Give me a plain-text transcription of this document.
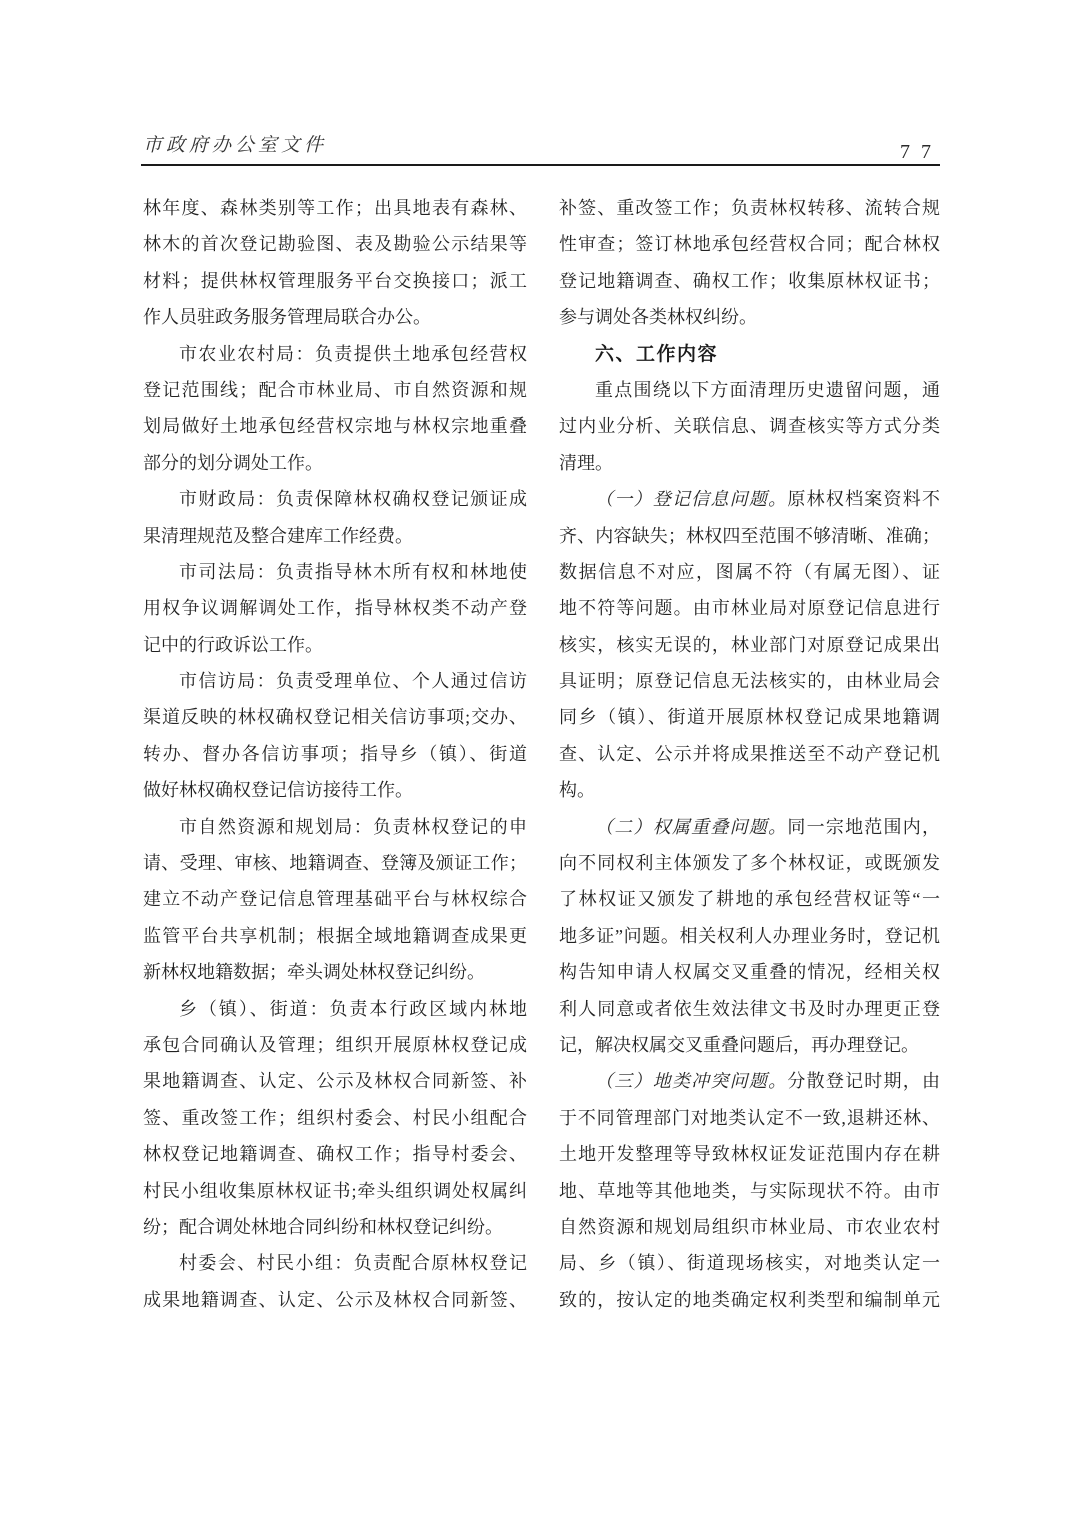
市政府办公室文件	7 7
林年度、森林类别等工作；出具地表有森林、
林木的首次登记勘验图、表及勘验公示结果等
材料；提供林权管理服务平台交换接口；派工
作人员驻政务服务管理局联合办公。
市农业农村局：负责提供土地承包经营权
登记范围线；配合市林业局、市自然资源和规
划局做好土地承包经营权宗地与林权宗地重叠
部分的划分调处工作。
市财政局：负责保障林权确权登记颁证成
果清理规范及整合建库工作经费。
市司法局：负责指导林木所有权和林地使
用权争议调解调处工作，指导林权类不动产登
记中的行政诉讼工作。
市信访局：负责受理单位、个人通过信访
渠道反映的林权确权登记相关信访事项;交办、
转办、督办各信访事项；指导乡（镇）、街道
做好林权确权登记信访接待工作。
市自然资源和规划局：负责林权登记的申
请、受理、审核、地籍调查、登簿及颁证工作；
建立不动产登记信息管理基础平台与林权综合
监管平台共享机制；根据全域地籍调查成果更
新林权地籍数据；牵头调处林权登记纠纷。
乡（镇）、街道：负责本行政区域内林地
承包合同确认及管理；组织开展原林权登记成
果地籍调查、认定、公示及林权合同新签、补
签、重改签工作；组织村委会、村民小组配合
林权登记地籍调查、确权工作；指导村委会、
村民小组收集原林权证书;牵头组织调处权属纠
纷；配合调处林地合同纠纷和林权登记纠纷。
村委会、村民小组：负责配合原林权登记
成果地籍调查、认定、公示及林权合同新签、
补签、重改签工作；负责林权转移、流转合规
性审查；签订林地承包经营权合同；配合林权
登记地籍调查、确权工作；收集原林权证书；
参与调处各类林权纠纷。
六、工作内容
重点围绕以下方面清理历史遗留问题，通
过内业分析、关联信息、调查核实等方式分类
清理。
（一）登记信息问题。原林权档案资料不
齐、内容缺失；林权四至范围不够清晰、准确；
数据信息不对应，图属不符（有属无图）、证
地不符等问题。由市林业局对原登记信息进行
核实，核实无误的，林业部门对原登记成果出
具证明；原登记信息无法核实的，由林业局会
同乡（镇）、街道开展原林权登记成果地籍调
查、认定、公示并将成果推送至不动产登记机
构。
（二）权属重叠问题。同一宗地范围内，
向不同权利主体颁发了多个林权证，或既颁发
了林权证又颁发了耕地的承包经营权证等“一
地多证”问题。相关权利人办理业务时，登记机
构告知申请人权属交叉重叠的情况，经相关权
利人同意或者依生效法律文书及时办理更正登
记，解决权属交叉重叠问题后，再办理登记。
（三）地类冲突问题。分散登记时期，由
于不同管理部门对地类认定不一致,退耕还林、
土地开发整理等导致林权证发证范围内存在耕
地、草地等其他地类，与实际现状不符。由市
自然资源和规划局组织市林业局、市农业农村
局、乡（镇）、街道现场核实，对地类认定一
致的，按认定的地类确定权利类型和编制单元
